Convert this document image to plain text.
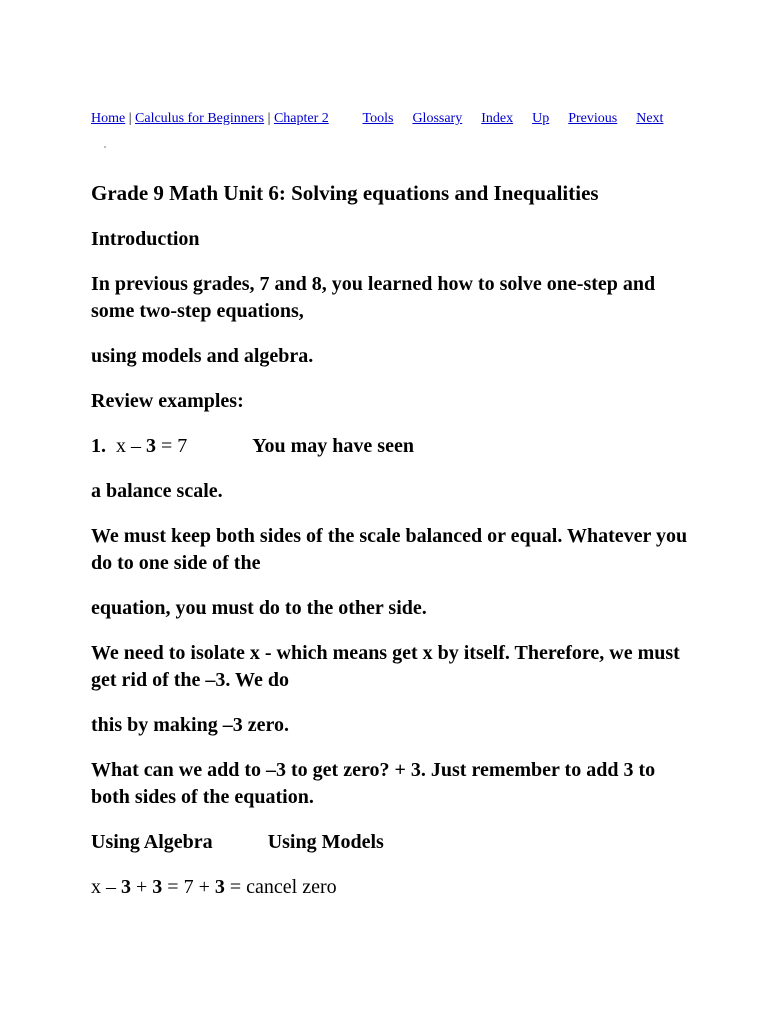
Home | Calculus for Beginners | Chapter 2 Tools Glossary Index Up Previous Next

Grade 9 Math Unit 6: Solving equations and Inequalities

Introduction

In previous grades, 7 and 8, you learned how to solve one-step and some two-step equations,

using models and algebra.

Review examples:

1. x – 3 = 7	You may have seen

a balance scale.

We must keep both sides of the scale balanced or equal. Whatever you do to one side of the

equation, you must do to the other side.

We need to isolate x - which means get x by itself. Therefore, we must get rid of the –3. We do

this by making –3 zero.

What can we add to –3 to get zero? + 3. Just remember to add 3 to both sides of the equation.

Using Algebra	Using Models

x – 3 + 3 = 7 + 3 = cancel zero
